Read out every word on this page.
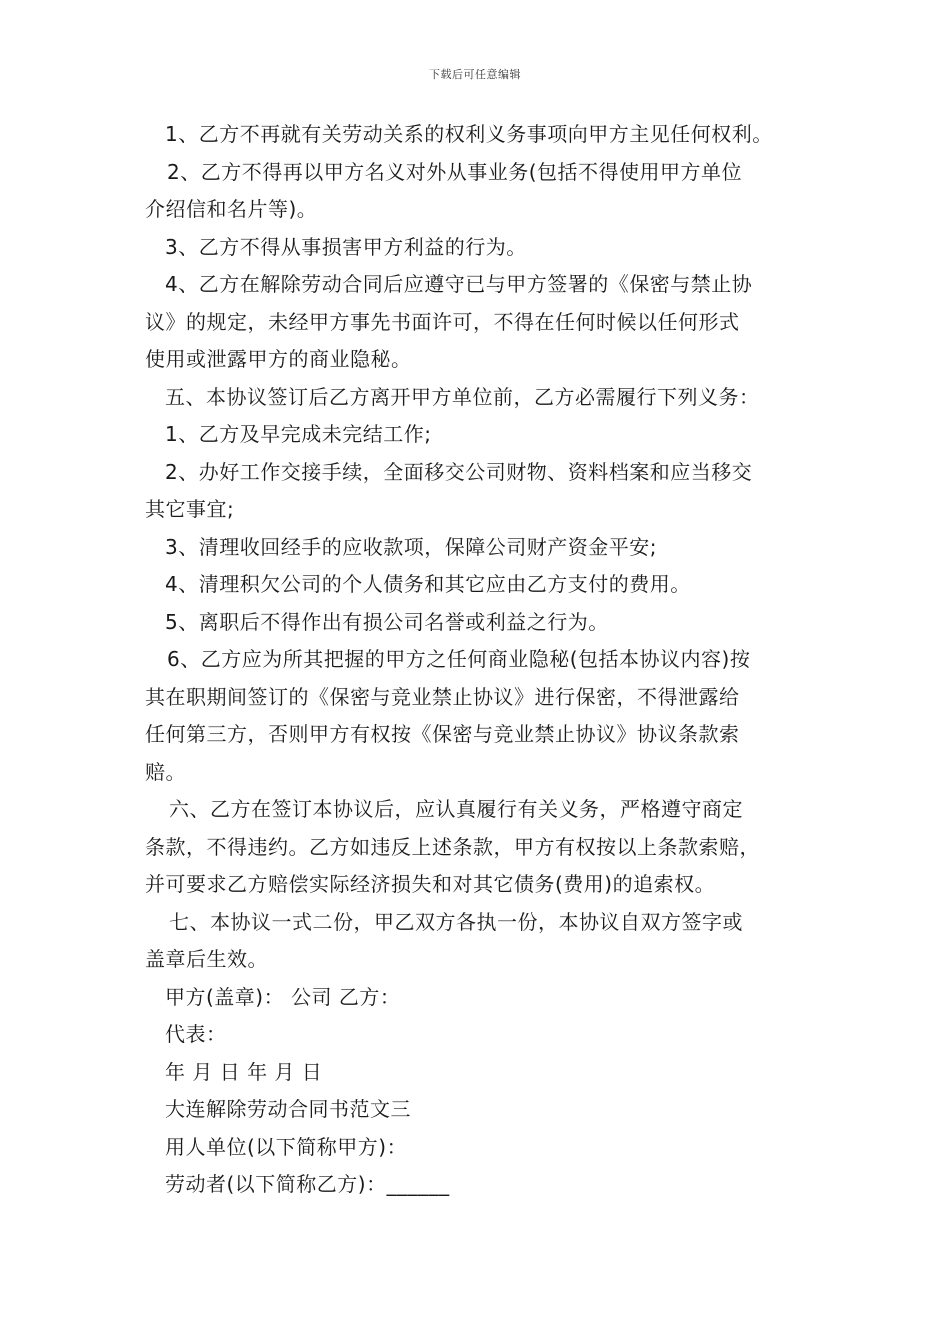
下载后可任意编辑
1、乙方不再就有关劳动关系的权利义务事项向甲方主见任何权利。
2、乙方不得再以甲方名义对外从事业务(包括不得使用甲方单位
介绍信和名片等)。
3、乙方不得从事损害甲方利益的行为。
4、乙方在解除劳动合同后应遵守已与甲方签署的《保密与禁止协
议》的规定，未经甲方事先书面许可，不得在任何时候以任何形式
使用或泄露甲方的商业隐秘。
五、本协议签订后乙方离开甲方单位前，乙方必需履行下列义务：
1、乙方及早完成未完结工作;
2、办好工作交接手续，全面移交公司财物、资料档案和应当移交
其它事宜;
3、清理收回经手的应收款项，保障公司财产资金平安;
4、清理积欠公司的个人债务和其它应由乙方支付的费用。
5、离职后不得作出有损公司名誉或利益之行为。
6、乙方应为所其把握的甲方之任何商业隐秘(包括本协议内容)按
其在职期间签订的《保密与竞业禁止协议》进行保密，不得泄露给
任何第三方，否则甲方有权按《保密与竞业禁止协议》协议条款索
赔。
六、乙方在签订本协议后，应认真履行有关义务，严格遵守商定
条款，不得违约。乙方如违反上述条款，甲方有权按以上条款索赔，
并可要求乙方赔偿实际经济损失和对其它债务(费用)的追索权。
七、本协议一式二份，甲乙双方各执一份，本协议自双方签字或
盖章后生效。
甲方(盖章)： 公司 乙方：
代表：
年 月 日 年 月 日
大连解除劳动合同书范文三
用人单位(以下简称甲方)：
劳动者(以下简称乙方)：______
